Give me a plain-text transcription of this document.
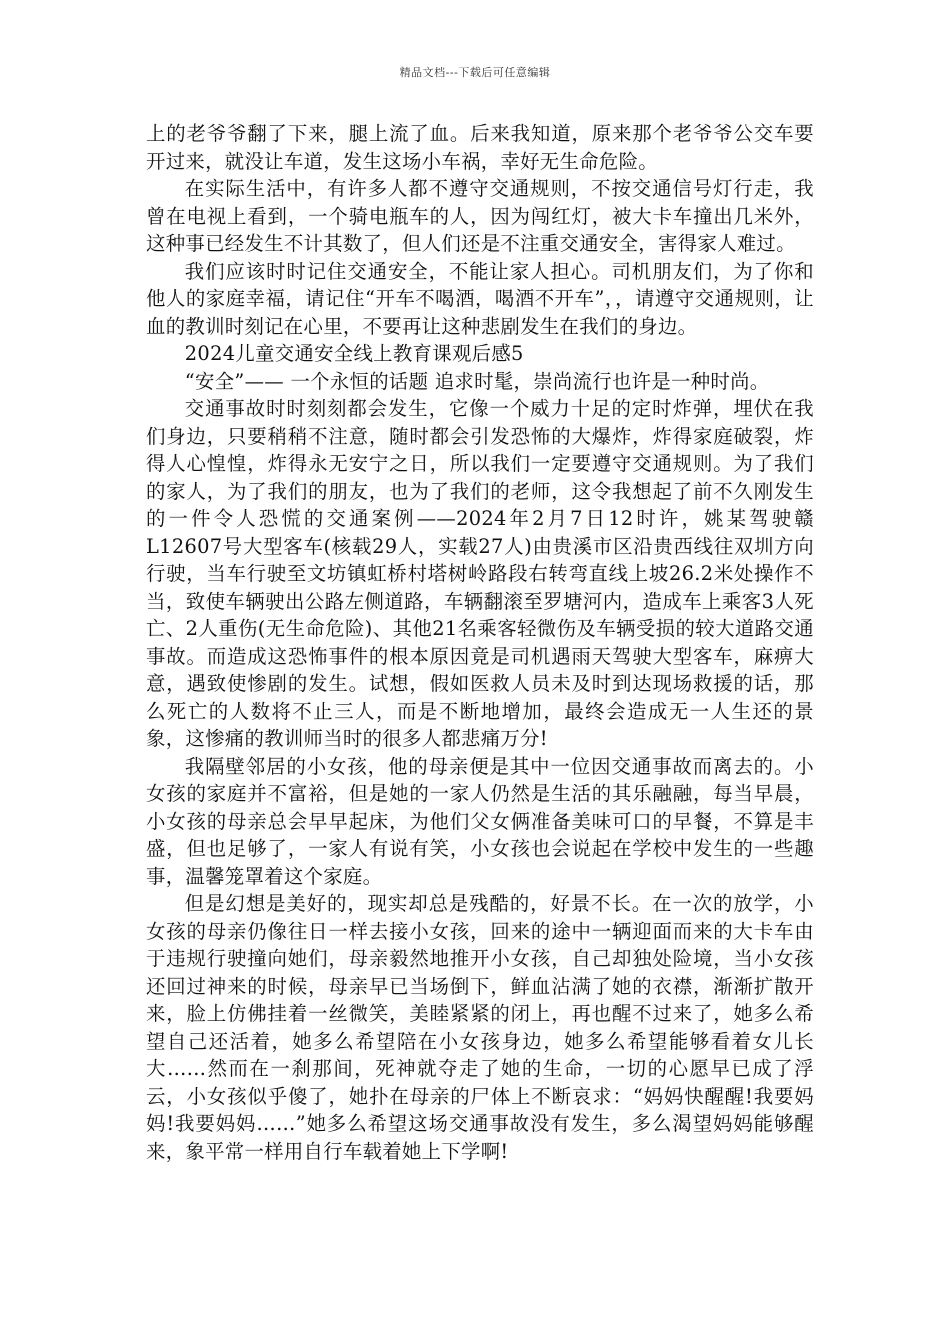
精品文档---下载后可任意编辑

上的老爷爷翻了下来，腿上流了血。后来我知道，原来那个老爷爷公交车要开过来，就没让车道，发生这场小车祸，幸好无生命危险。

在实际生活中，有许多人都不遵守交通规则，不按交通信号灯行走，我曾在电视上看到，一个骑电瓶车的人，因为闯红灯，被大卡车撞出几米外，这种事已经发生不计其数了，但人们还是不注重交通安全，害得家人难过。

我们应该时时记住交通安全，不能让家人担心。司机朋友们，为了你和他人的家庭幸福，请记住“开车不喝酒，喝酒不开车”，，请遵守交通规则，让血的教训时刻记在心里，不要再让这种悲剧发生在我们的身边。

2024儿童交通安全线上教育课观后感5

“安全”—— 一个永恒的话题 追求时髦，崇尚流行也许是一种时尚。

交通事故时时刻刻都会发生，它像一个威力十足的定时炸弹，埋伏在我们身边，只要稍稍不注意，随时都会引发恐怖的大爆炸，炸得家庭破裂，炸得人心惶惶，炸得永无安宁之日，所以我们一定要遵守交通规则。为了我们的家人，为了我们的朋友，也为了我们的老师，这令我想起了前不久刚发生的一件令人恐慌的交通案例——2024年2月7日12时许，姚某驾驶赣L12607号大型客车(核载29人，实载27人)由贵溪市区沿贵西线往双圳方向行驶，当车行驶至文坊镇虹桥村塔树岭路段右转弯直线上坡26.2米处操作不当，致使车辆驶出公路左侧道路，车辆翻滚至罗塘河内，造成车上乘客3人死亡、2人重伤(无生命危险)、其他21名乘客轻微伤及车辆受损的较大道路交通事故。而造成这恐怖事件的根本原因竟是司机遇雨天驾驶大型客车，麻痹大意，遇致使惨剧的发生。试想，假如医救人员未及时到达现场救援的话，那么死亡的人数将不止三人，而是不断地增加，最终会造成无一人生还的景象，这惨痛的教训师当时的很多人都悲痛万分!

我隔壁邻居的小女孩，他的母亲便是其中一位因交通事故而离去的。小女孩的家庭并不富裕，但是她的一家人仍然是生活的其乐融融，每当早晨，小女孩的母亲总会早早起床，为他们父女俩准备美味可口的早餐，不算是丰盛，但也足够了，一家人有说有笑，小女孩也会说起在学校中发生的一些趣事，温馨笼罩着这个家庭。

但是幻想是美好的，现实却总是残酷的，好景不长。在一次的放学，小女孩的母亲仍像往日一样去接小女孩，回来的途中一辆迎面而来的大卡车由于违规行驶撞向她们，母亲毅然地推开小女孩，自己却独处险境，当小女孩还回过神来的时候，母亲早已当场倒下，鲜血沾满了她的衣襟，渐渐扩散开来，脸上仿佛挂着一丝微笑，美睦紧紧的闭上，再也醒不过来了，她多么希望自己还活着，她多么希望陪在小女孩身边，她多么希望能够看着女儿长大……然而在一刹那间，死神就夺走了她的生命，一切的心愿早已成了浮云，小女孩似乎傻了，她扑在母亲的尸体上不断哀求：“妈妈快醒醒!我要妈妈!我要妈妈……”她多么希望这场交通事故没有发生，多么渴望妈妈能够醒来，象平常一样用自行车载着她上下学啊!
